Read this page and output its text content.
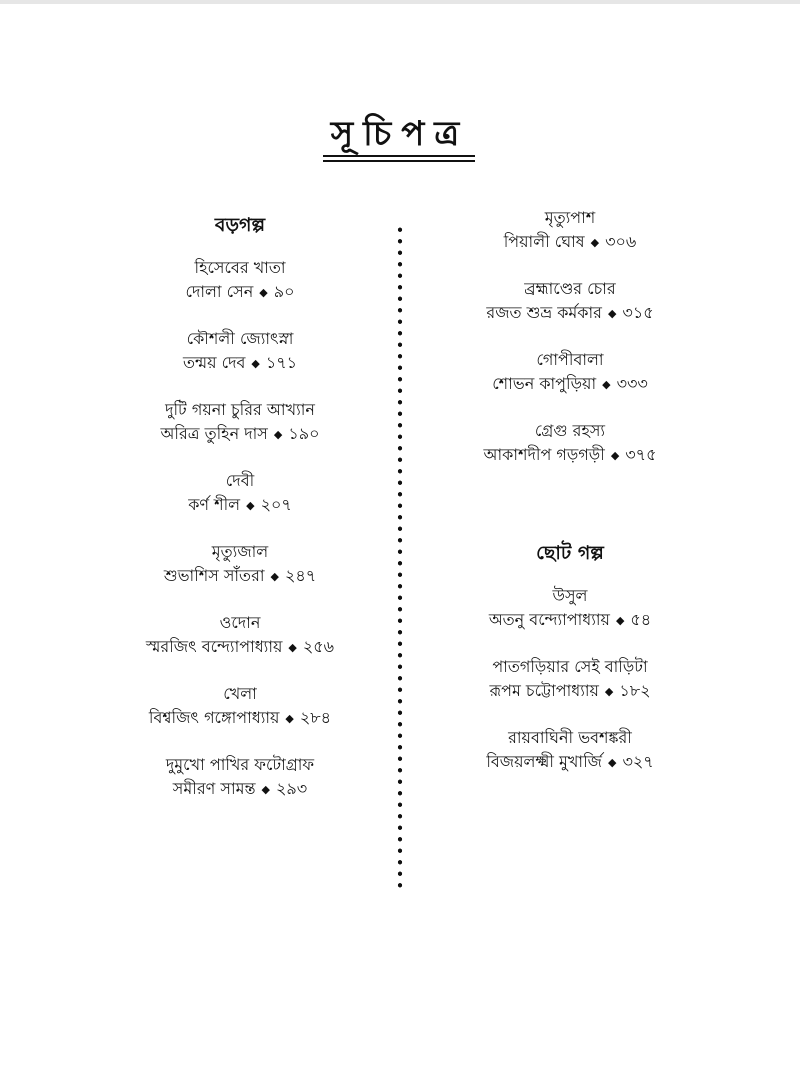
সূচিপত্র
বড়গল্প
হিসেবের খাতা
দোলা সেন ◆ ৯০
কৌশলী জ্যোৎস্না
তন্ময় দেব ◆ ১৭১
দুটি গয়না চুরির আখ্যান
অরিত্র তুহিন দাস ◆ ১৯০
দেবী
কর্ণ শীল ◆ ২০৭
মৃত্যুজাল
শুভাশিস সাঁতরা ◆ ২৪৭
ওদোন
স্মরজিৎ বন্দ্যোপাধ্যায় ◆ ২৫৬
খেলা
বিশ্বজিৎ গঙ্গোপাধ্যায় ◆ ২৮৪
দুমুখো পাখির ফটোগ্রাফ
সমীরণ সামন্ত ◆ ২৯৩
মৃত্যুপাশ
পিয়ালী ঘোষ ◆ ৩০৬
ব্রহ্মাণ্ডের চোর
রজত শুভ্র কর্মকার ◆ ৩১৫
গোপীবালা
শোভন কাপুড়িয়া ◆ ৩৩৩
গ্রেগু রহস্য
আকাশদীপ গড়গড়ী ◆ ৩৭৫
ছোট গল্প
উসুল
অতনু বন্দ্যোপাধ্যায় ◆ ৫৪
পাতগড়িয়ার সেই বাড়িটা
রূপম চট্টোপাধ্যায় ◆ ১৮২
রায়বাঘিনী ভবশঙ্করী
বিজয়লক্ষ্মী মুখার্জি ◆ ৩২৭
